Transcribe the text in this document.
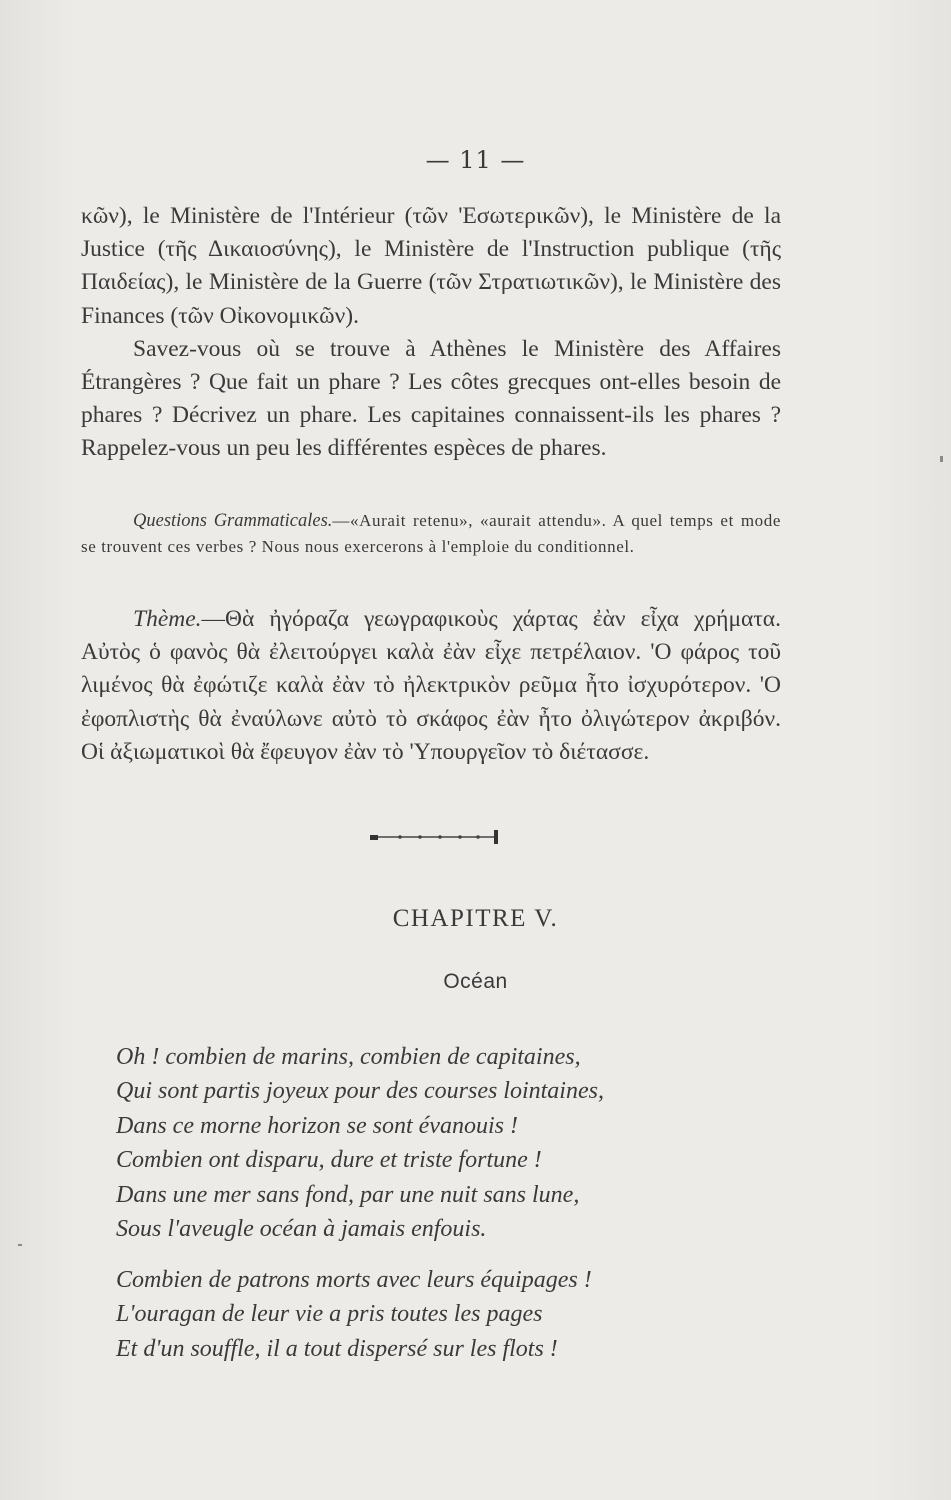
— 11 —

κῶν), le Ministère de l'Intérieur (τῶν 'Εσωτερικῶν), le Ministère de la Justice (τῆς Δικαιοσύνης), le Ministère de l'Instruction publique (τῆς Παιδείας), le Ministère de la Guerre (τῶν Στρατιωτικῶν), le Ministère des Finances (τῶν Οἰκονομικῶν).

Savez-vous où se trouve à Athènes le Ministère des Affaires Étrangères ? Que fait un phare ? Les côtes grecques ont-elles besoin de phares ? Décrivez un phare. Les capitaines connaissent-ils les phares ? Rappelez-vous un peu les différentes espèces de phares.

Questions Grammaticales.—«Aurait retenu», «aurait attendu». A quel temps et mode se trouvent ces verbes ? Nous nous exercerons à l'emploie du conditionnel.

Thème.—Θὰ ἠγόραζα γεωγραφικοὺς χάρτας ἐὰν εἶχα χρήματα. Αὐτὸς ὁ φανὸς θὰ ἐλειτούργει καλὰ ἐὰν εἶχε πετρέλαιον. 'Ο φάρος τοῦ λιμένος θὰ ἐφώτιζε καλὰ ἐὰν τὸ ἠλεκτρικὸν ρεῦμα ἦτο ἰσχυρότερον. 'Ο ἐφοπλιστὴς θὰ ἐναύλωνε αὐτὸ τὸ σκάφος ἐὰν ἦτο ὀλιγώτερον ἀκριβόν. Οἱ ἀξιωματικοὶ θὰ ἔφευγον ἐὰν τὸ 'Υπουργεῖον τὸ διέτασσε.

CHAPITRE V.
Océan
Oh ! combien de marins, combien de capitaines,
Qui sont partis joyeux pour des courses lointaines,
Dans ce morne horizon se sont évanouis !
Combien ont disparu, dure et triste fortune !
Dans une mer sans fond, par une nuit sans lune,
Sous l'aveugle océan à jamais enfouis.
Combien de patrons morts avec leurs équipages !
L'ouragan de leur vie a pris toutes les pages
Et d'un souffle, il a tout dispersé sur les flots !
